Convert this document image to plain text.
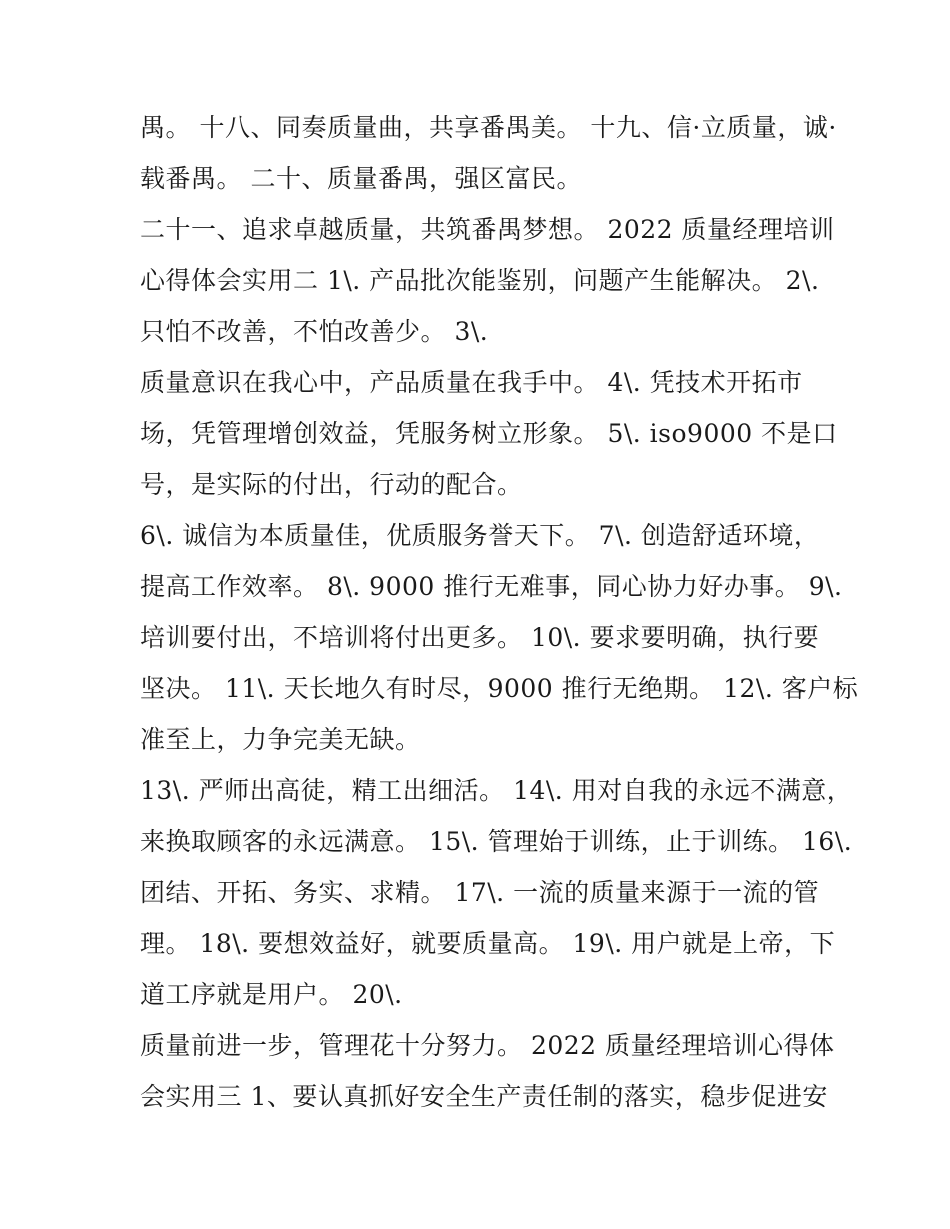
禺。 十八、同奏质量曲，共享番禺美。 十九、信·立质量，诚·
载番禺。 二十、质量番禺，强区富民。
二十一、追求卓越质量，共筑番禺梦想。 2022 质量经理培训
心得体会实用二 1\. 产品批次能鉴别，问题产生能解决。 2\.
只怕不改善，不怕改善少。 3\.
质量意识在我心中，产品质量在我手中。 4\. 凭技术开拓市
场，凭管理增创效益，凭服务树立形象。 5\. iso9000 不是口
号，是实际的付出，行动的配合。
6\. 诚信为本质量佳，优质服务誉天下。 7\. 创造舒适环境，
提高工作效率。 8\. 9000 推行无难事，同心协力好办事。 9\.
培训要付出，不培训将付出更多。 10\. 要求要明确，执行要
坚决。 11\. 天长地久有时尽，9000 推行无绝期。 12\. 客户标
准至上，力争完美无缺。
13\. 严师出高徒，精工出细活。 14\. 用对自我的永远不满意，
来换取顾客的永远满意。 15\. 管理始于训练，止于训练。 16\.
团结、开拓、务实、求精。 17\. 一流的质量来源于一流的管
理。 18\. 要想效益好，就要质量高。 19\. 用户就是上帝，下
道工序就是用户。 20\.
质量前进一步，管理花十分努力。 2022 质量经理培训心得体
会实用三 1、要认真抓好安全生产责任制的落实，稳步促进安
